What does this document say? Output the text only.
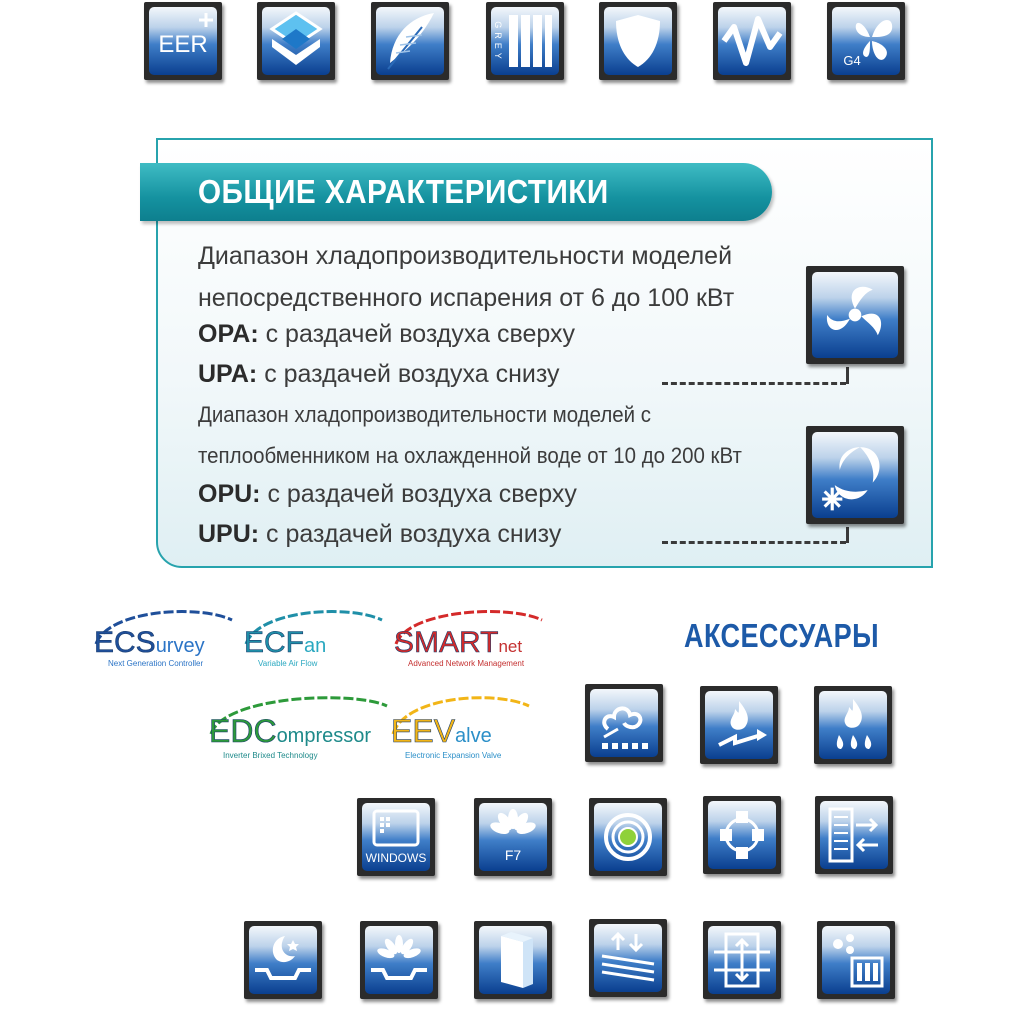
EER	GREY	G4
ОБЩИЕ ХАРАКТЕРИСТИКИ
Диапазон хладопроизводительности моделей
непосредственного испарения от 6 до 100 кВт
OPA: с раздачей воздуха сверху
UPA: с раздачей воздуха снизу
Диапазон хладопроизводительности моделей с
теплообменником на охлажденной воде от 10 до 200 кВт
OPU: с раздачей воздуха сверху
UPU: с раздачей воздуха снизу
ECSurvey
Next Generation Controller
ECFan
Variable Air Flow
SMARTnet
Advanced Network Management
EDCompressor
Inverter Brixed Technology
EEValve
Electronic Expansion Valve
АКСЕССУАРЫ
WINDOWS	F7
